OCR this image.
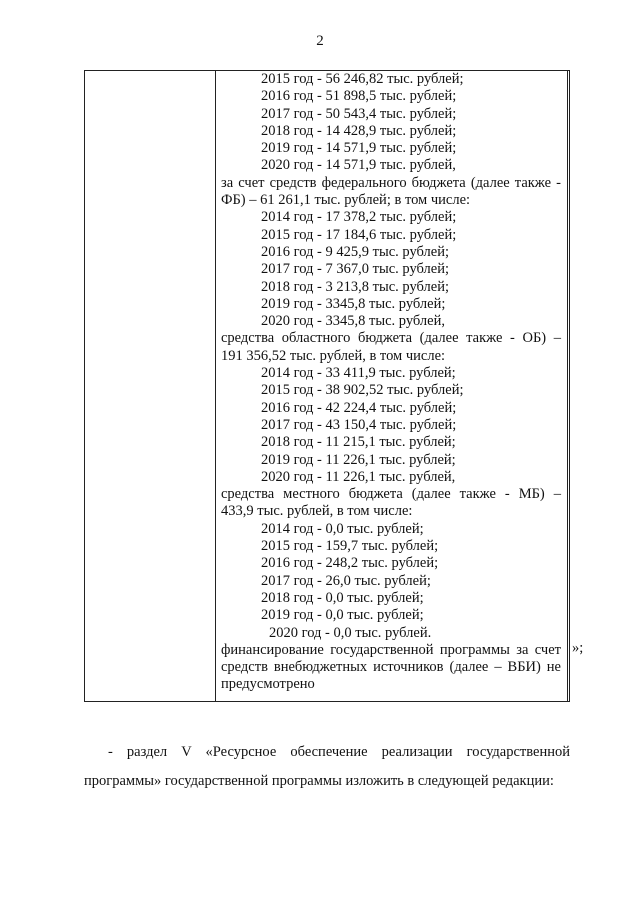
2
2015 год - 56 246,82 тыс. рублей;
2016 год - 51 898,5 тыс. рублей;
2017 год - 50 543,4 тыс. рублей;
2018 год - 14 428,9 тыс. рублей;
2019 год - 14 571,9 тыс. рублей;
2020 год - 14 571,9 тыс. рублей,
за счет средств федерального бюджета (далее также -
ФБ) – 61 261,1 тыс. рублей; в том числе:
2014 год - 17 378,2 тыс. рублей;
2015 год - 17 184,6 тыс. рублей;
2016 год - 9 425,9 тыс. рублей;
2017 год - 7 367,0 тыс. рублей;
2018 год - 3 213,8 тыс. рублей;
2019 год - 3345,8 тыс. рублей;
2020 год - 3345,8 тыс. рублей,
средства областного бюджета (далее также - ОБ) –
191 356,52 тыс. рублей, в том числе:
2014 год - 33 411,9 тыс. рублей;
2015 год - 38 902,52 тыс. рублей;
2016 год - 42 224,4 тыс. рублей;
2017 год - 43 150,4 тыс. рублей;
2018 год - 11 215,1 тыс. рублей;
2019 год - 11 226,1 тыс. рублей;
2020 год - 11 226,1 тыс. рублей,
средства местного бюджета (далее также - МБ) –
433,9 тыс. рублей, в том числе:
2014 год - 0,0 тыс. рублей;
2015 год - 159,7 тыс. рублей;
2016 год - 248,2 тыс. рублей;
2017 год - 26,0 тыс. рублей;
2018 год - 0,0 тыс. рублей;
2019 год - 0,0 тыс. рублей;
2020 год - 0,0 тыс. рублей.
финансирование государственной программы за счет
средств внебюджетных источников (далее – ВБИ) не
предусмотрено
»;
- раздел V «Ресурсное обеспечение реализации государственной
программы» государственной программы изложить в следующей редакции:
